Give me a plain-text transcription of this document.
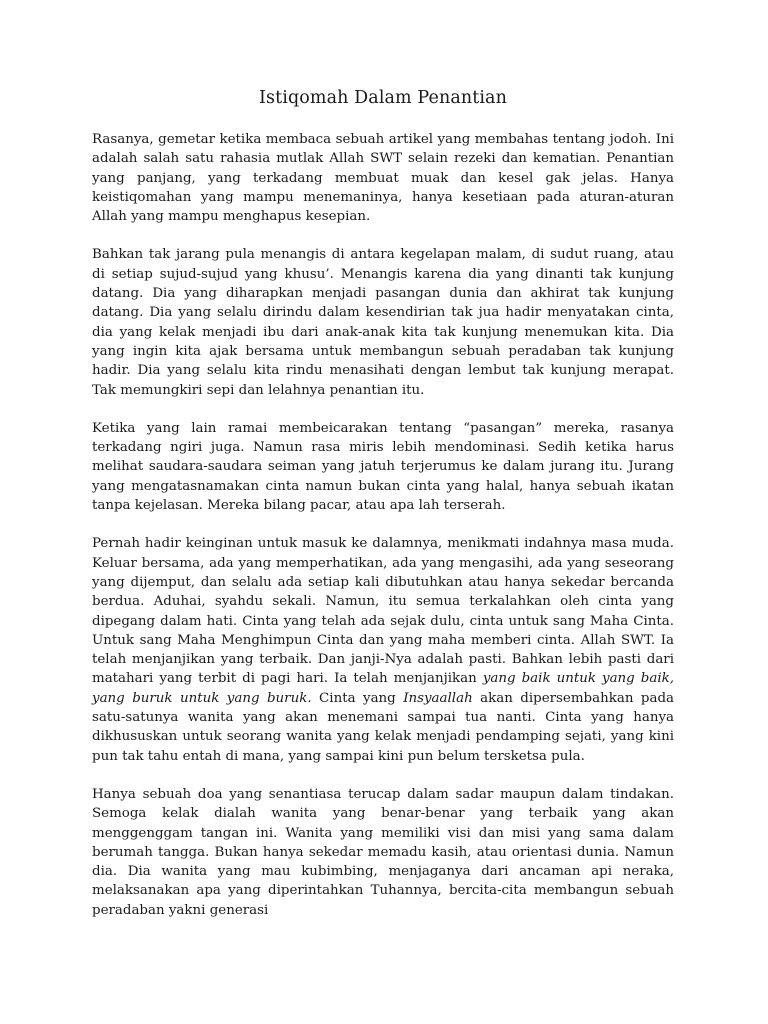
Istiqomah Dalam Penantian

Rasanya, gemetar ketika membaca sebuah artikel yang membahas tentang jodoh. Ini adalah salah satu rahasia mutlak Allah SWT selain rezeki dan kematian. Penantian yang panjang, yang terkadang membuat muak dan kesel gak jelas. Hanya keistiqomahan yang mampu menemaninya, hanya kesetiaan pada aturan-aturan Allah yang mampu menghapus kesepian.

Bahkan tak jarang pula menangis di antara kegelapan malam, di sudut ruang, atau di setiap sujud-sujud yang khusu’. Menangis karena dia yang dinanti tak kunjung datang. Dia yang diharapkan menjadi pasangan dunia dan akhirat tak kunjung datang. Dia yang selalu dirindu dalam kesendirian tak jua hadir menyatakan cinta, dia yang kelak menjadi ibu dari anak-anak kita tak kunjung menemukan kita. Dia yang ingin kita ajak bersama untuk membangun sebuah peradaban tak kunjung hadir. Dia yang selalu kita rindu menasihati dengan lembut tak kunjung merapat. Tak memungkiri sepi dan lelahnya penantian itu.

Ketika yang lain ramai membeicarakan tentang “pasangan” mereka, rasanya terkadang ngiri juga. Namun rasa miris lebih mendominasi. Sedih ketika harus melihat saudara-saudara seiman yang jatuh terjerumus ke dalam jurang itu. Jurang yang mengatasnamakan cinta namun bukan cinta yang halal, hanya sebuah ikatan tanpa kejelasan. Mereka bilang pacar, atau apa lah terserah.

Pernah hadir keinginan untuk masuk ke dalamnya, menikmati indahnya masa muda. Keluar bersama, ada yang memperhatikan, ada yang mengasihi, ada yang seseorang yang dijemput, dan selalu ada setiap kali dibutuhkan atau hanya sekedar bercanda berdua. Aduhai, syahdu sekali. Namun, itu semua terkalahkan oleh cinta yang dipegang dalam hati. Cinta yang telah ada sejak dulu, cinta untuk sang Maha Cinta. Untuk sang Maha Menghimpun Cinta dan yang maha memberi cinta. Allah SWT. Ia telah menjanjikan yang terbaik. Dan janji-Nya adalah pasti. Bahkan lebih pasti dari matahari yang terbit di pagi hari. Ia telah menjanjikan yang baik untuk yang baik, yang buruk untuk yang buruk. Cinta yang Insyaallah akan dipersembahkan pada satu-satunya wanita yang akan menemani sampai tua nanti. Cinta yang hanya dikhususkan untuk seorang wanita yang kelak menjadi pendamping sejati, yang kini pun tak tahu entah di mana, yang sampai kini pun belum tersketsa pula.

Hanya sebuah doa yang senantiasa terucap dalam sadar maupun dalam tindakan. Semoga kelak dialah wanita yang benar-benar yang terbaik yang akan menggenggam tangan ini. Wanita yang memiliki visi dan misi yang sama dalam berumah tangga. Bukan hanya sekedar memadu kasih, atau orientasi dunia. Namun dia. Dia wanita yang mau kubimbing, menjaganya dari ancaman api neraka, melaksanakan apa yang diperintahkan Tuhannya, bercita-cita membangun sebuah peradaban yakni generasi
